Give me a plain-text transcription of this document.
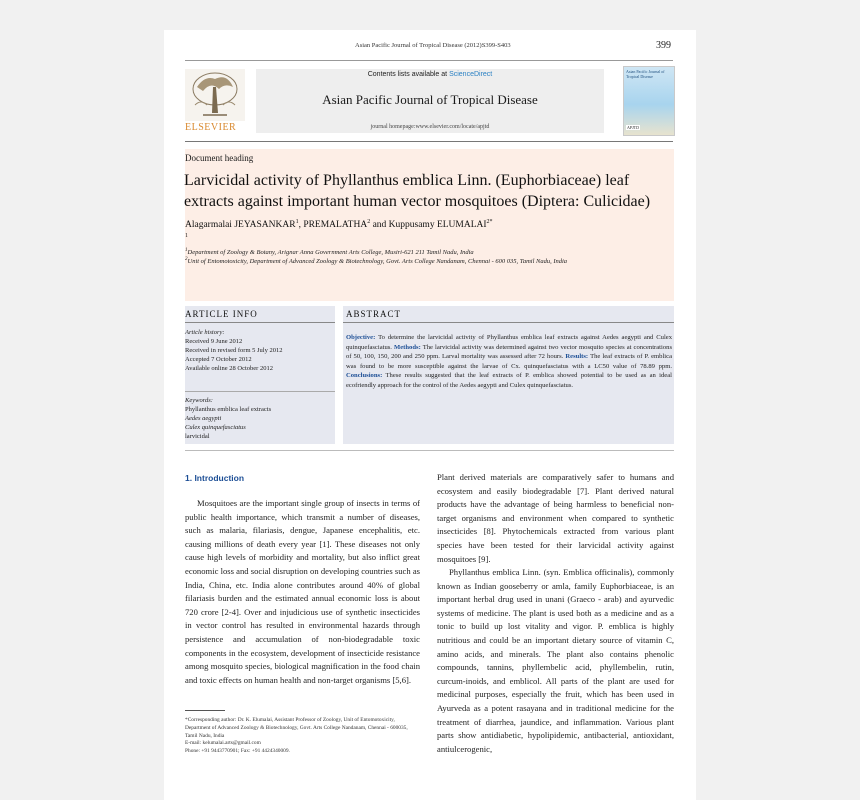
Asian Pacific Journal of Tropical Disease (2012)S399-S403	399
ELSEVIER
Contents lists available at ScienceDirect
Asian Pacific Journal of Tropical Disease
journal homepage:www.elsevier.com/locate/apjtd
Asian Pacific Journal of Tropical Disease
APJTD
Document heading
Larvicidal activity of Phyllanthus emblica Linn. (Euphorbiaceae) leaf
extracts against important human vector mosquitoes (Diptera: Culicidae)
Alagarmalai JEYASANKAR$^1$, PREMALATHA$^2$ and Kuppusamy $ELUMALAI^{2*}$
1
$^1$Department of Zoology & Botany, Arignar Anna Government Arts College, Musiri-621 211 Tamil Nadu, India
$^2$Unit of Entomotoxicity, Department of Advanced Zoology & Biotechnology, Govt. Arts College Nandanam, Chennai - 600 035, Tamil Nadu, India
ARTICLE INFO
Article history:
Received 9 June 2012
Received in revised form 5 July 2012
Accepted 7 October 2012
Available online 28 October 2012
Keywords:
Phyllanthus emblica leaf extracts
Aedes aegypti
Culex quinquefasciatus
larvicidal
ABSTRACT
Objective: To determine the larvicidal activity of Phyllanthus emblica leaf extracts against Aedes aegypti and Culex quinquefasciatus. Methods: The larvicidal activity was determined against two vector mosquito species at concentrations of 50, 100, 150, 200 and 250 ppm. Larval mortality was assessed after 72 hours. Results: The leaf extracts of P. emblica was found to be more susceptible against the larvae of Cx. quinquefasciatus with a LC50 value of 78.89 ppm. Conclusions: These results suggested that the leaf extracts of P. emblica showed potential to be used as an ideal ecofriendly approach for the control of the Aedes aegypti and Culex quinquefasciatus.
1. Introduction
Mosquitoes are the important single group of insects in terms of public health importance, which transmit a number of diseases, such as malaria, filariasis, dengue, Japanese encephalitis, etc. causing millions of death every year [1]. These diseases not only cause high levels of morbidity and mortality, but also inflict great economic loss and social disruption on developing countries such as India, China, etc. India alone contributes around 40% of global filariasis burden and the estimated annual economic loss is about 720 crore [2-4]. Over and injudicious use of synthetic insecticides in vector control has resulted in environmental hazards through persistence and accumulation of non-biodegradable toxic components in the ecosystem, development of insecticide resistance among mosquito species, biological magnification in the food chain and toxic effects on human health and non-target organisms [5,6].
Plant derived materials are comparatively safer to humans and ecosystem and easily biodegradable [7]. Plant derived natural products have the advantage of being harmless to beneficial non-target organisms and environment when compared to synthetic insecticides [8]. Phytochemicals extracted from various plant species have been tested for their larvicidal activity against mosquitoes [9].
Phyllanthus emblica Linn. (syn. Emblica officinalis), commonly known as Indian gooseberry or amla, family Euphorbiaceae, is an important herbal drug used in unani (Graeco - arab) and ayurvedic systems of medicine. The plant is used both as a medicine and as a tonic to build up lost vitality and vigor. P. emblica is highly nutritious and could be an important dietary source of vitamin C, amino acids, and minerals. The plant also contains phenolic compounds, tannins, phyllembelic acid, phyllembelin, rutin, curcum-inoids, and emblicol. All parts of the plant are used for medicinal purposes, especially the fruit, which has been used in Ayurveda as a potent rasayana and in traditional medicine for the treatment of diarrhea, jaundice, and inflammation. Various plant parts show antidiabetic, hypolipidemic, antibacterial, antioxidant, antiulcerogenic,
*Corresponding author: Dr. K. Elumalai, Assistant Professor of Zoology, Unit of Entomotoxicity, Department of Advanced Zoology & Biotechnology, Govt. Arts College Nandanam, Chennai - 600035, Tamil Nadu, India
E-mail: kelumalai.arts@gmail.com
Phone: +91 9443770901; Fax: +91 4424340009.
